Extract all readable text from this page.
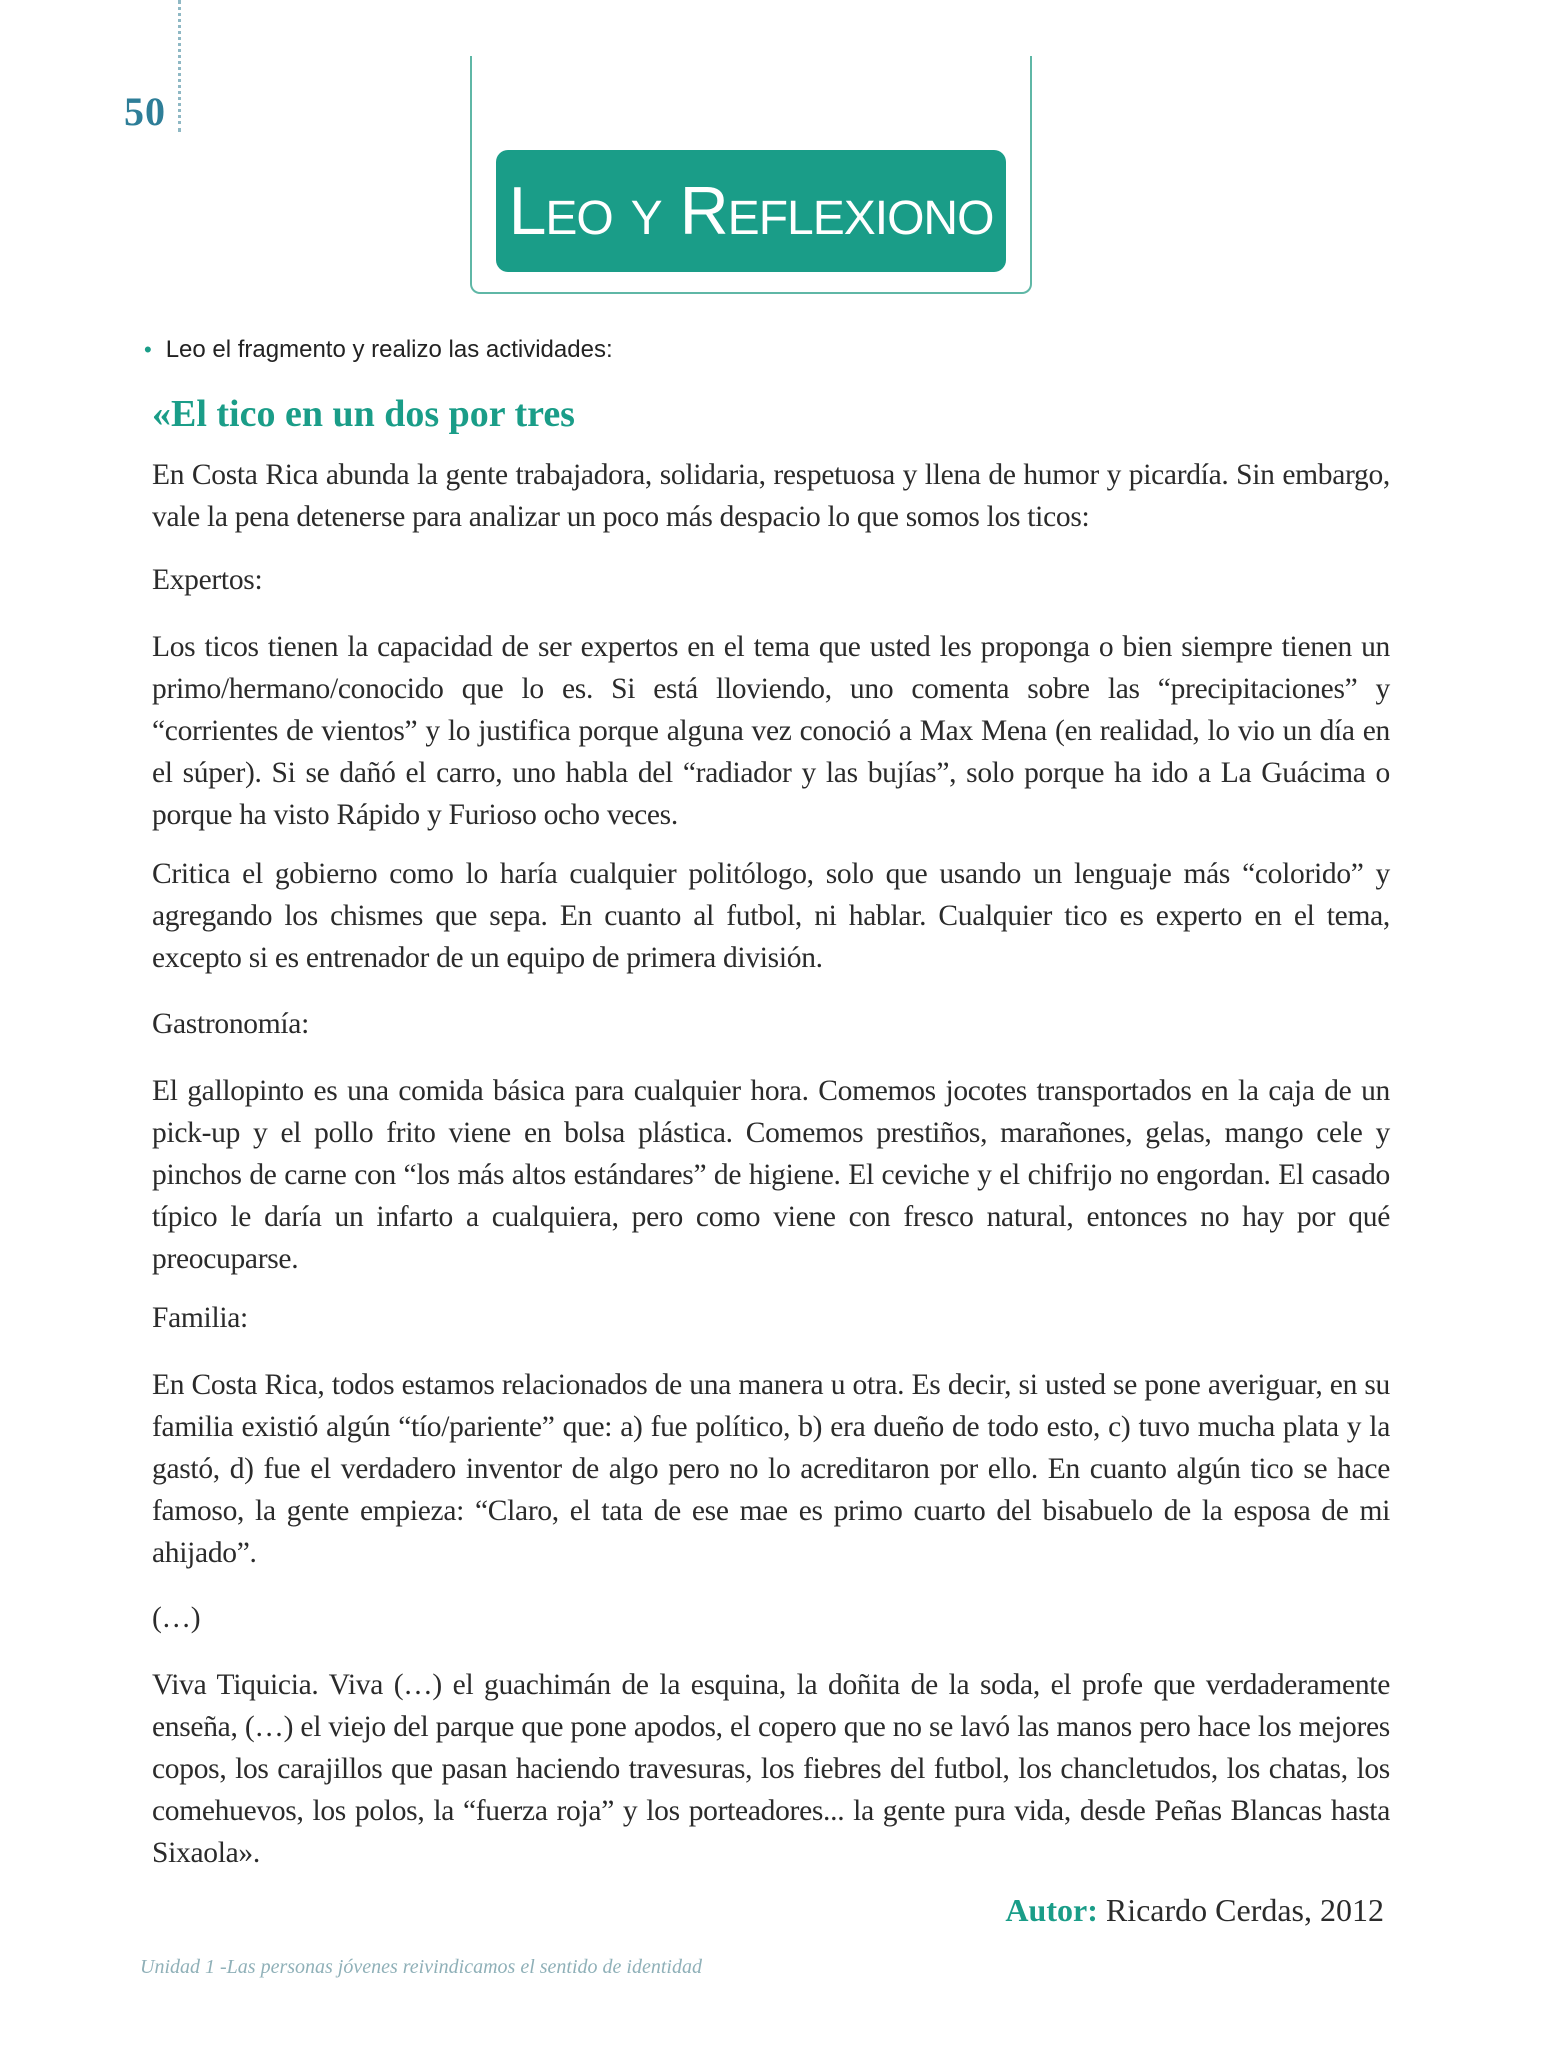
50
Leo y Reflexiono
• Leo el fragmento y realizo las actividades:
«El tico en un dos por tres

En Costa Rica abunda la gente trabajadora, solidaria, respetuosa y llena de humor y picardía. Sin embargo, vale la pena detenerse para analizar un poco más despacio lo que somos los ticos:

Expertos:

Los ticos tienen la capacidad de ser expertos en el tema que usted les proponga o bien siempre tienen un primo/hermano/conocido que lo es. Si está lloviendo, uno comenta sobre las “precipitaciones” y “corrientes de vientos” y lo justifica porque alguna vez conoció a Max Mena (en realidad, lo vio un día en el súper). Si se dañó el carro, uno habla del “radiador y las bujías”, solo porque ha ido a La Guácima o porque ha visto Rápido y Furioso ocho veces.

Critica el gobierno como lo haría cualquier politólogo, solo que usando un lenguaje más “colorido” y agregando los chismes que sepa. En cuanto al futbol, ni hablar. Cualquier tico es experto en el tema, excepto si es entrenador de un equipo de primera división.

Gastronomía:

El gallopinto es una comida básica para cualquier hora. Comemos jocotes transportados en la caja de un pick-up y el pollo frito viene en bolsa plástica. Comemos prestiños, marañones, gelas, mango cele y pinchos de carne con “los más altos estándares” de higiene. El ceviche y el chifrijo no engordan. El casado típico le daría un infarto a cualquiera, pero como viene con fresco natural, entonces no hay por qué preocuparse.

Familia:

En Costa Rica, todos estamos relacionados de una manera u otra. Es decir, si usted se pone averiguar, en su familia existió algún “tío/pariente” que: a) fue político, b) era dueño de todo esto, c) tuvo mucha plata y la gastó, d) fue el verdadero inventor de algo pero no lo acreditaron por ello. En cuanto algún tico se hace famoso, la gente empieza: “Claro, el tata de ese mae es primo cuarto del bisabuelo de la esposa de mi ahijado”.

(…)

Viva Tiquicia. Viva (…) el guachimán de la esquina, la doñita de la soda, el profe que verdaderamente enseña, (…) el viejo del parque que pone apodos, el copero que no se lavó las manos pero hace los mejores copos, los carajillos que pasan haciendo travesuras, los fiebres del futbol, los chancletudos, los chatas, los comehuevos, los polos, la “fuerza roja” y los porteadores... la gente pura vida, desde Peñas Blancas hasta Sixaola».

Autor: Ricardo Cerdas, 2012
Unidad 1 -Las personas jóvenes reivindicamos el sentido de identidad
